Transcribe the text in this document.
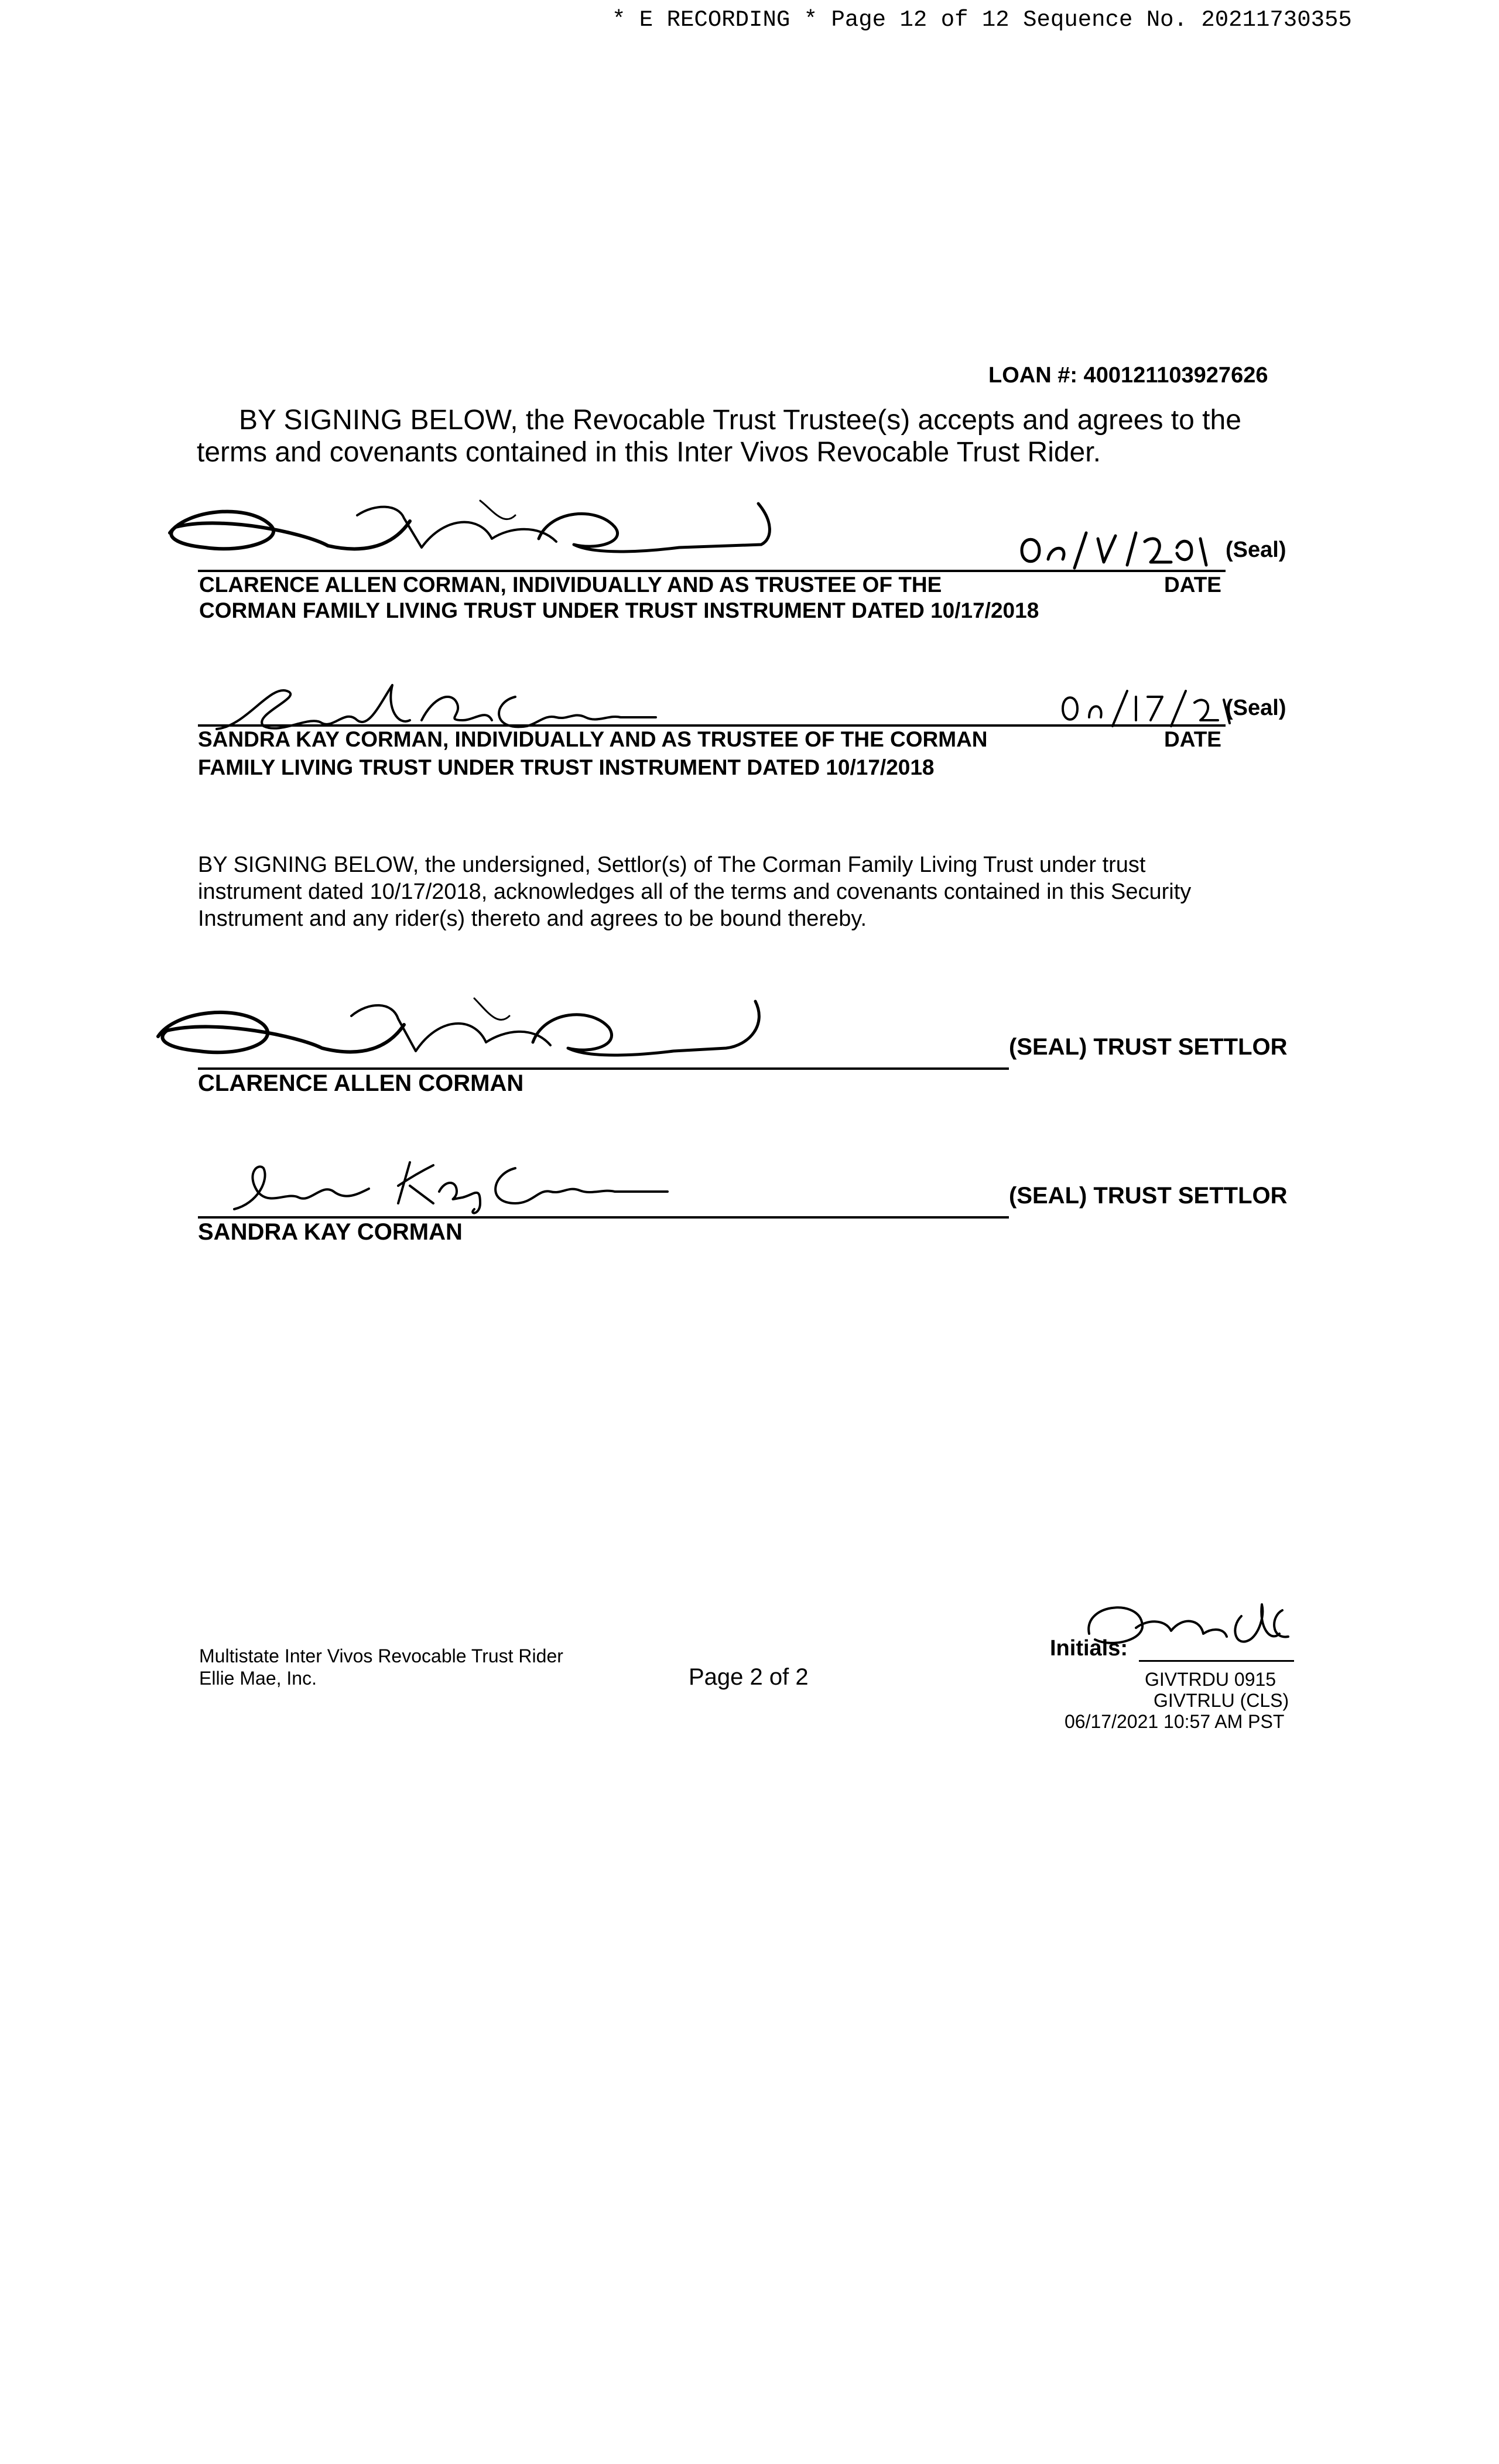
* E RECORDING * Page 12 of 12 Sequence No. 20211730355
LOAN #: 400121103927626
BY SIGNING BELOW, the Revocable Trust Trustee(s) accepts and agrees to the
terms and covenants contained in this Inter Vivos Revocable Trust Rider.
(Seal)
CLARENCE ALLEN CORMAN, INDIVIDUALLY AND AS TRUSTEE OF THE	DATE
CORMAN FAMILY LIVING TRUST UNDER TRUST INSTRUMENT DATED 10/17/2018
(Seal)
SANDRA KAY CORMAN, INDIVIDUALLY AND AS TRUSTEE OF THE CORMAN	DATE
FAMILY LIVING TRUST UNDER TRUST INSTRUMENT DATED 10/17/2018
BY SIGNING BELOW, the undersigned, Settlor(s) of The Corman Family Living Trust under trust
instrument dated 10/17/2018, acknowledges all of the terms and covenants contained in this Security
Instrument and any rider(s) thereto and agrees to be bound thereby.
(SEAL) TRUST SETTLOR
CLARENCE ALLEN CORMAN
(SEAL) TRUST SETTLOR
SANDRA KAY CORMAN
Multistate Inter Vivos Revocable Trust Rider
Ellie Mae, Inc.	Page 2 of 2
Initials:
GIVTRDU 0915
GIVTRLU (CLS)
06/17/2021 10:57 AM PST
